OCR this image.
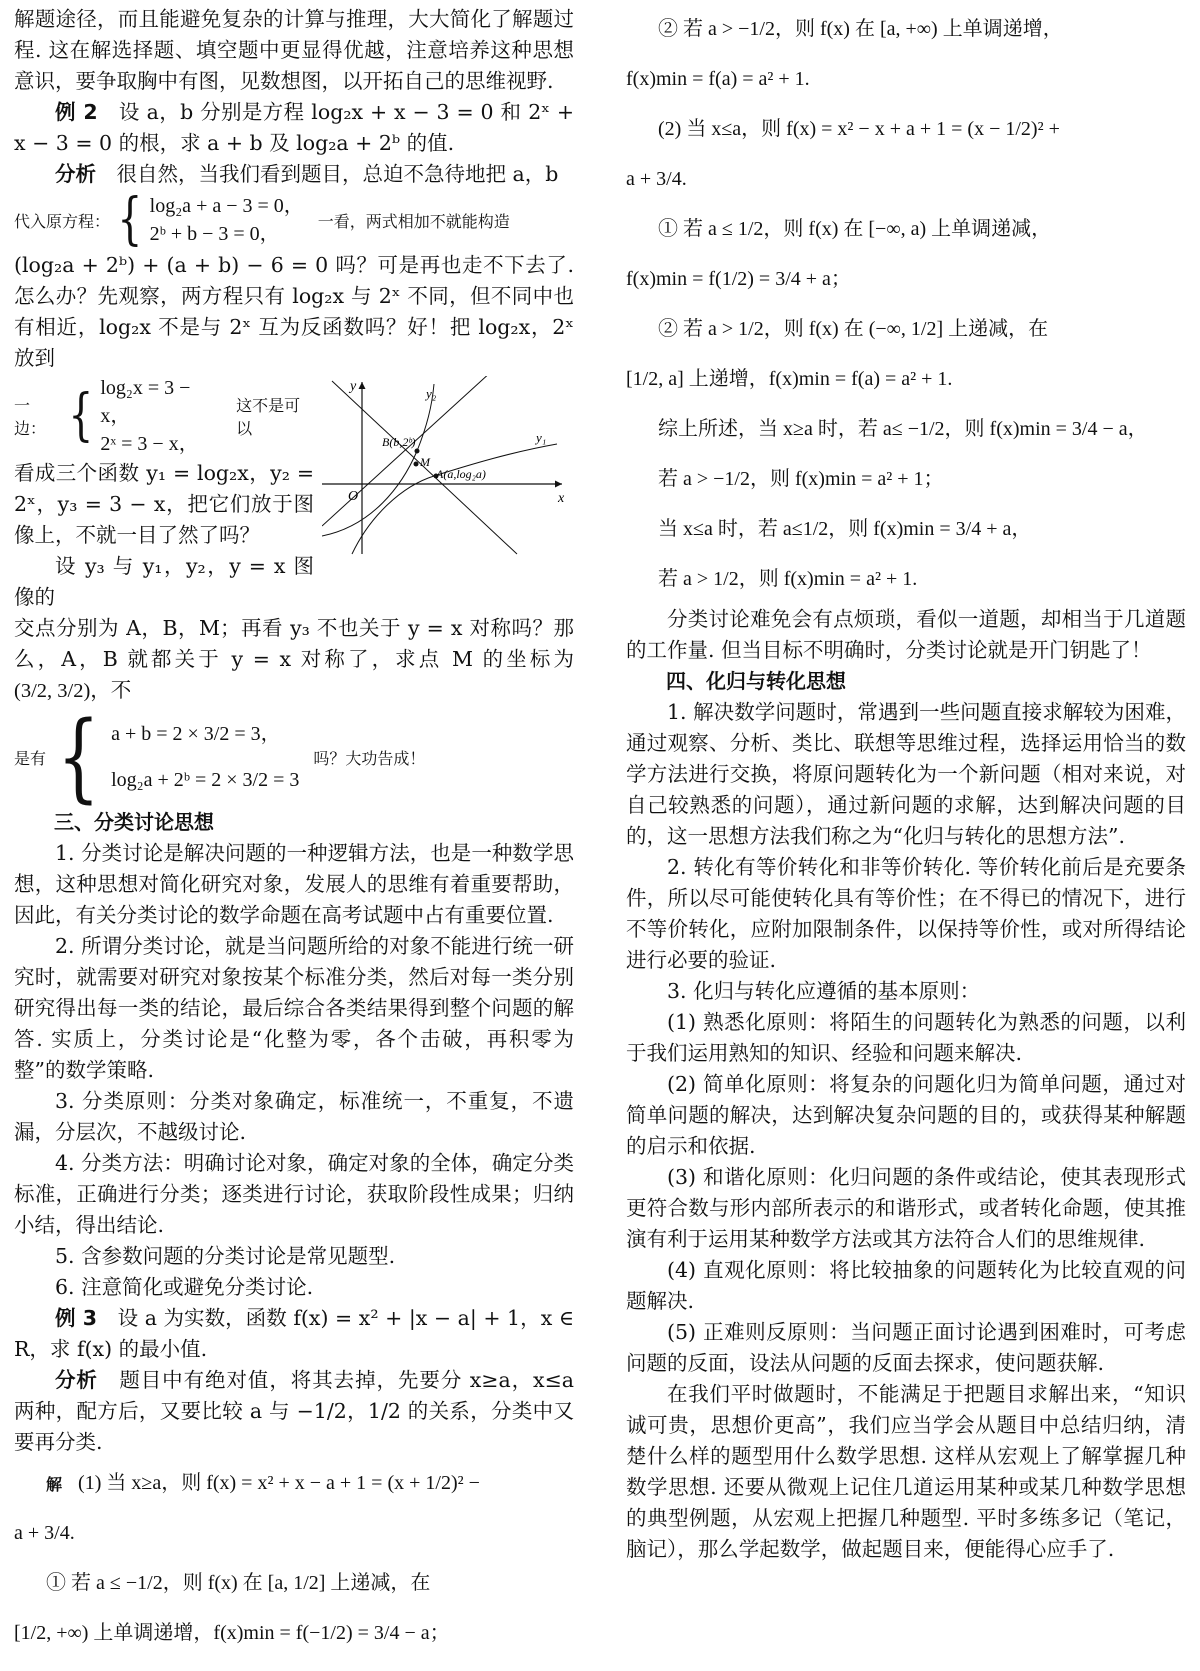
解题途径，而且能避免复杂的计算与推理，大大简化了解题过程. 这在解选择题、填空题中更显得优越，注意培养这种思想意识，要争取胸中有图，见数想图，以开拓自己的思维视野.

例 2　 设 a，b 分别是方程 log₂x + x − 3 = 0 和 2ˣ + x − 3 = 0 的根，求 a + b 及 log₂a + 2ᵇ 的值.

分析　 很自然，当我们看到题目，总迫不急待地把 a，b

代入原方程： { log₂a + a − 3 = 0，
2ᵇ + b − 3 = 0，
一看，两式相加不就能构造

(log₂a + 2ᵇ) + (a + b) − 6 = 0 吗？可是再也走不下去了. 怎么办？先观察，两方程只有 log₂x 与 2ˣ 不同，但不同中也有相近，log₂x 不是与 2ˣ 互为反函数吗？好！把 log₂x，2ˣ 放到

一边： { log₂x = 3 − x，
2ˣ = 3 − x，
这不是可以

看成三个函数 y₁ = log₂x，y₂ = 2ˣ，y₃ = 3 − x，把它们放于图像上，不就一目了然了吗？

设 y₃ 与 y₁，y₂，y = x 图像的

y
x
O
y₂
y₁
B(b,2ᵇ)
M
A(a,log₂a)

交点分别为 A，B，M；再看 y₃ 不也关于 y = x 对称吗？那么，A，B 就都关于 y = x 对称了，求点 M 的坐标为 (3/2, 3/2)，不

是有 { a + b = 2 × 3/2 = 3，
log₂a + 2ᵇ = 2 × 3/2 = 3
吗？大功告成！
三、分类讨论思想

1. 分类讨论是解决问题的一种逻辑方法，也是一种数学思想，这种思想对简化研究对象，发展人的思维有着重要帮助，因此，有关分类讨论的数学命题在高考试题中占有重要位置.

2. 所谓分类讨论，就是当问题所给的对象不能进行统一研究时，就需要对研究对象按某个标准分类，然后对每一类分别研究得出每一类的结论，最后综合各类结果得到整个问题的解答. 实质上，分类讨论是“化整为零，各个击破，再积零为整”的数学策略.

3. 分类原则：分类对象确定，标准统一，不重复，不遗漏，分层次，不越级讨论.

4. 分类方法：明确讨论对象，确定对象的全体，确定分类标准，正确进行分类；逐类进行讨论，获取阶段性成果；归纳小结，得出结论.

5. 含参数问题的分类讨论是常见题型.

6. 注意简化或避免分类讨论.

例 3　 设 a 为实数，函数 f(x) = x² + |x − a| + 1，x ∈ R，求 f(x) 的最小值.

分析　 题目中有绝对值，将其去掉，先要分 x≥a，x≤a 两种，配方后，又要比较 a 与 −1/2，1/2 的关系，分类中又要再分类.

解
　 (1) 当 x≥a，则 f(x) = x² + x − a + 1 = (x + 1/2)² −
a + 3/4.
① 若 a ≤ −1/2，则 f(x) 在 [a, 1/2] 上递减，在
[1/2, +∞) 上单调递增，f(x)min = f(−1/2) = 3/4 − a；
② 若 a > −1/2，则 f(x) 在 [a, +∞) 上单调递增，
f(x)min = f(a) = a² + 1.
(2) 当 x≤a，则 f(x) = x² − x + a + 1 = (x − 1/2)² +
a + 3/4.
① 若 a ≤ 1/2，则 f(x) 在 [−∞, a) 上单调递减，
f(x)min = f(1/2) = 3/4 + a；
② 若 a > 1/2，则 f(x) 在 (−∞, 1/2] 上递减，在
[1/2, a] 上递增，f(x)min = f(a) = a² + 1.
综上所述，当 x≥a 时，若 a≤ −1/2，则 f(x)min = 3/4 − a，
若 a > −1/2，则 f(x)min = a² + 1；
当 x≤a 时，若 a≤1/2，则 f(x)min = 3/4 + a，
若 a > 1/2，则 f(x)min = a² + 1.

分类讨论难免会有点烦琐，看似一道题，却相当于几道题的工作量. 但当目标不明确时，分类讨论就是开门钥匙了！

四、化归与转化思想

1. 解决数学问题时，常遇到一些问题直接求解较为困难，通过观察、分析、类比、联想等思维过程，选择运用恰当的数学方法进行交换，将原问题转化为一个新问题（相对来说，对自己较熟悉的问题），通过新问题的求解，达到解决问题的目的，这一思想方法我们称之为“化归与转化的思想方法”.

2. 转化有等价转化和非等价转化. 等价转化前后是充要条件，所以尽可能使转化具有等价性；在不得已的情况下，进行不等价转化，应附加限制条件，以保持等价性，或对所得结论进行必要的验证.

3. 化归与转化应遵循的基本原则：

(1) 熟悉化原则：将陌生的问题转化为熟悉的问题，以利于我们运用熟知的知识、经验和问题来解决.

(2) 简单化原则：将复杂的问题化归为简单问题，通过对简单问题的解决，达到解决复杂问题的目的，或获得某种解题的启示和依据.

(3) 和谐化原则：化归问题的条件或结论，使其表现形式更符合数与形内部所表示的和谐形式，或者转化命题，使其推演有利于运用某种数学方法或其方法符合人们的思维规律.

(4) 直观化原则：将比较抽象的问题转化为比较直观的问题解决.

(5) 正难则反原则：当问题正面讨论遇到困难时，可考虑问题的反面，设法从问题的反面去探求，使问题获解.

在我们平时做题时，不能满足于把题目求解出来，“知识诚可贵，思想价更高”，我们应当学会从题目中总结归纳，清楚什么样的题型用什么数学思想. 这样从宏观上了解掌握几种数学思想. 还要从微观上记住几道运用某种或某几种数学思想的典型例题，从宏观上把握几种题型. 平时多练多记（笔记，脑记），那么学起数学，做起题目来，便能得心应手了.
